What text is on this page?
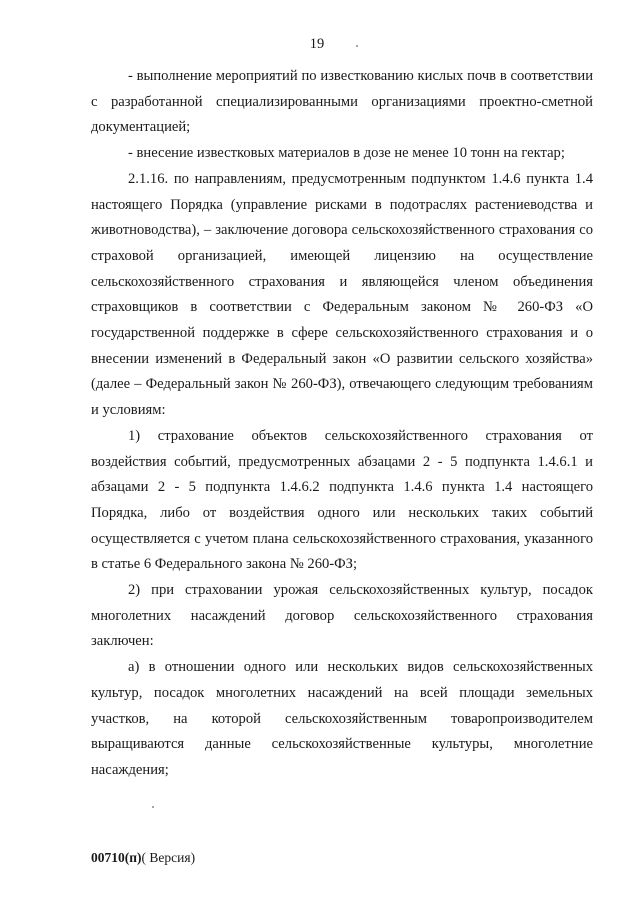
19

- выполнение мероприятий по известкованию кислых почв в соответствии с разработанной специализированными организациями проектно-сметной документацией;

- внесение известковых материалов в дозе не менее 10 тонн на гектар;

2.1.16. по направлениям, предусмотренным подпунктом 1.4.6 пункта 1.4 настоящего Порядка (управление рисками в подотраслях растениеводства и животноводства), – заключение договора сельскохозяйственного страхования со страховой организацией, имеющей лицензию на осуществление сельскохозяйственного страхования и являющейся членом объединения страховщиков в соответствии с Федеральным законом № 260-ФЗ «О государственной поддержке в сфере сельскохозяйственного страхования и о внесении изменений в Федеральный закон «О развитии сельского хозяйства» (далее – Федеральный закон № 260-ФЗ), отвечающего следующим требованиям и условиям:

1) страхование объектов сельскохозяйственного страхования от воздействия событий, предусмотренных абзацами 2 - 5 подпункта 1.4.6.1 и абзацами 2 - 5 подпункта 1.4.6.2 подпункта 1.4.6 пункта 1.4 настоящего Порядка, либо от воздействия одного или нескольких таких событий осуществляется с учетом плана сельскохозяйственного страхования, указанного в статье 6 Федерального закона № 260-ФЗ;

2) при страховании урожая сельскохозяйственных культур, посадок многолетних насаждений договор сельскохозяйственного страхования заключен:

а) в отношении одного или нескольких видов сельскохозяйственных культур, посадок многолетних насаждений на всей площади земельных участков, на которой сельскохозяйственным товаропроизводителем выращиваются данные сельскохозяйственные культуры, многолетние насаждения;

00710(п)( Версия)
